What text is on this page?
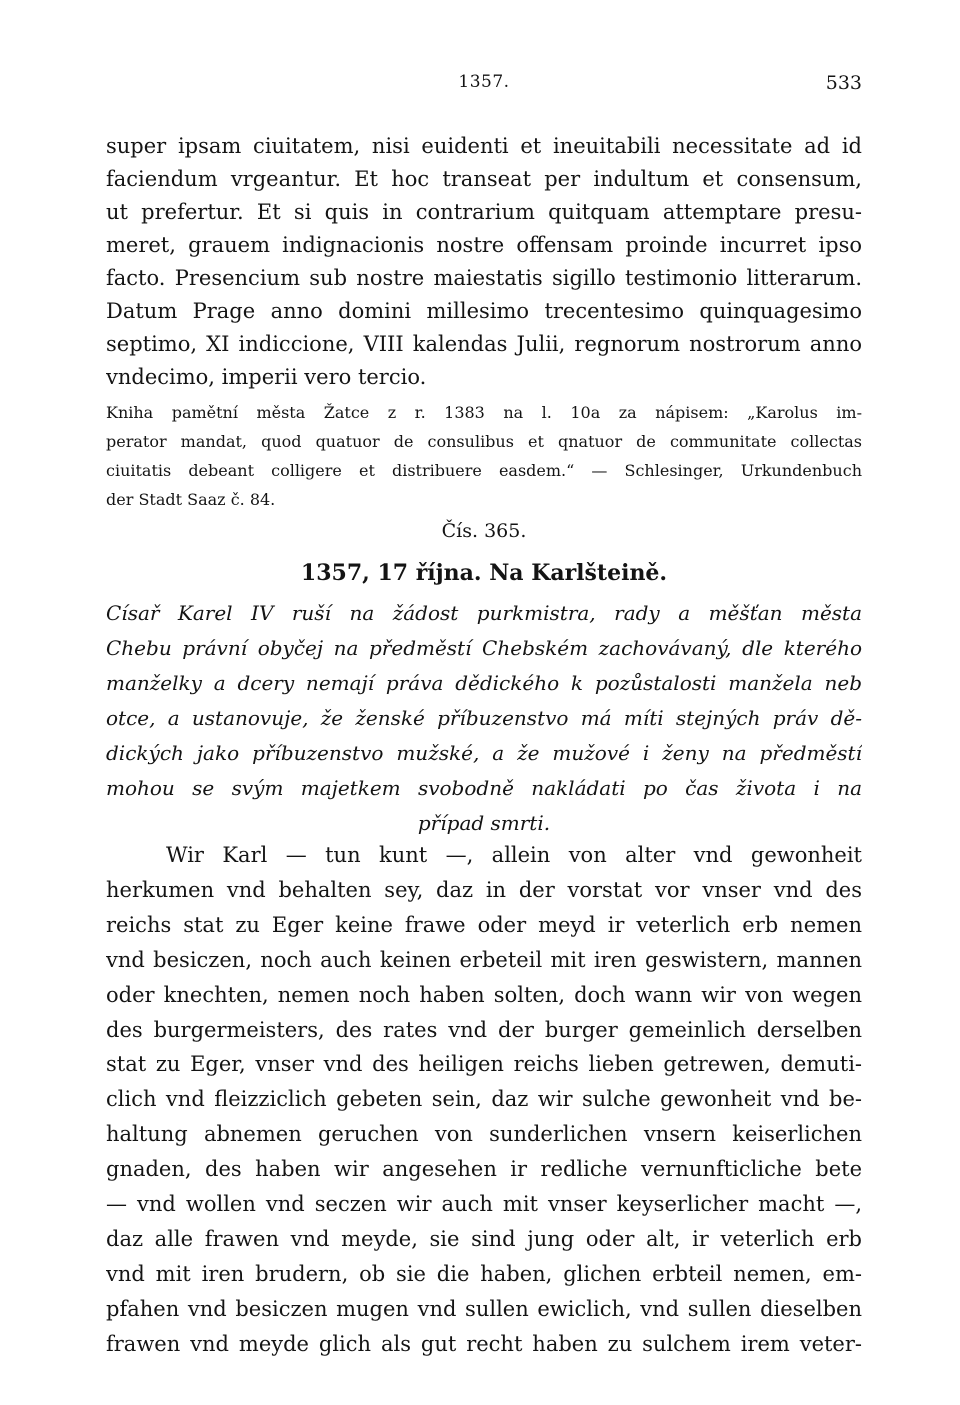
1357.	533
super ipsam ciuitatem, nisi euidenti et ineuitabili necessitate ad id
faciendum vrgeantur. Et hoc transeat per indultum et consensum,
ut prefertur. Et si quis in contrarium quitquam attemptare presu-
meret, grauem indignacionis nostre offensam proinde incurret ipso
facto. Presencium sub nostre maiestatis sigillo testimonio litterarum.
Datum Prage anno domini millesimo trecentesimo quinquagesimo
septimo, XI indiccione, VIII kalendas Julii, regnorum nostrorum anno
vndecimo, imperii vero tercio.
Kniha pamětní města Žatce z r. 1383 na l. 10a za nápisem: „Karolus im-
perator mandat, quod quatuor de consulibus et qnatuor de communitate collectas
ciuitatis debeant colligere et distribuere easdem.“ — Schlesinger, Urkundenbuch
der Stadt Saaz č. 84.
Čís. 365.
1357, 17 října. Na Karlšteině.
Císař Karel IV ruší na žádost purkmistra, rady a měšťan města
Chebu právní obyčej na předměstí Chebském zachovávaný, dle kterého
manželky a dcery nemají práva dědického k pozůstalosti manžela neb
otce, a ustanovuje, že ženské příbuzenstvo má míti stejných práv dě-
dických jako příbuzenstvo mužské, a že mužové i ženy na předměstí
mohou se svým majetkem svobodně nakládati po čas života i na
případ smrti.
Wir Karl — tun kunt —, allein von alter vnd gewonheit
herkumen vnd behalten sey, daz in der vorstat vor vnser vnd des
reichs stat zu Eger keine frawe oder meyd ir veterlich erb nemen
vnd besiczen, noch auch keinen erbeteil mit iren geswistern, mannen
oder knechten, nemen noch haben solten, doch wann wir von wegen
des burgermeisters, des rates vnd der burger gemeinlich derselben
stat zu Eger, vnser vnd des heiligen reichs lieben getrewen, demuti-
clich vnd fleizziclich gebeten sein, daz wir sulche gewonheit vnd be-
haltung abnemen geruchen von sunderlichen vnsern keiserlichen
gnaden, des haben wir angesehen ir redliche vernunfticliche bete
— vnd wollen vnd seczen wir auch mit vnser keyserlicher macht —,
daz alle frawen vnd meyde, sie sind jung oder alt, ir veterlich erb
vnd mit iren brudern, ob sie die haben, glichen erbteil nemen, em-
pfahen vnd besiczen mugen vnd sullen ewiclich, vnd sullen dieselben
frawen vnd meyde glich als gut recht haben zu sulchem irem veter-
